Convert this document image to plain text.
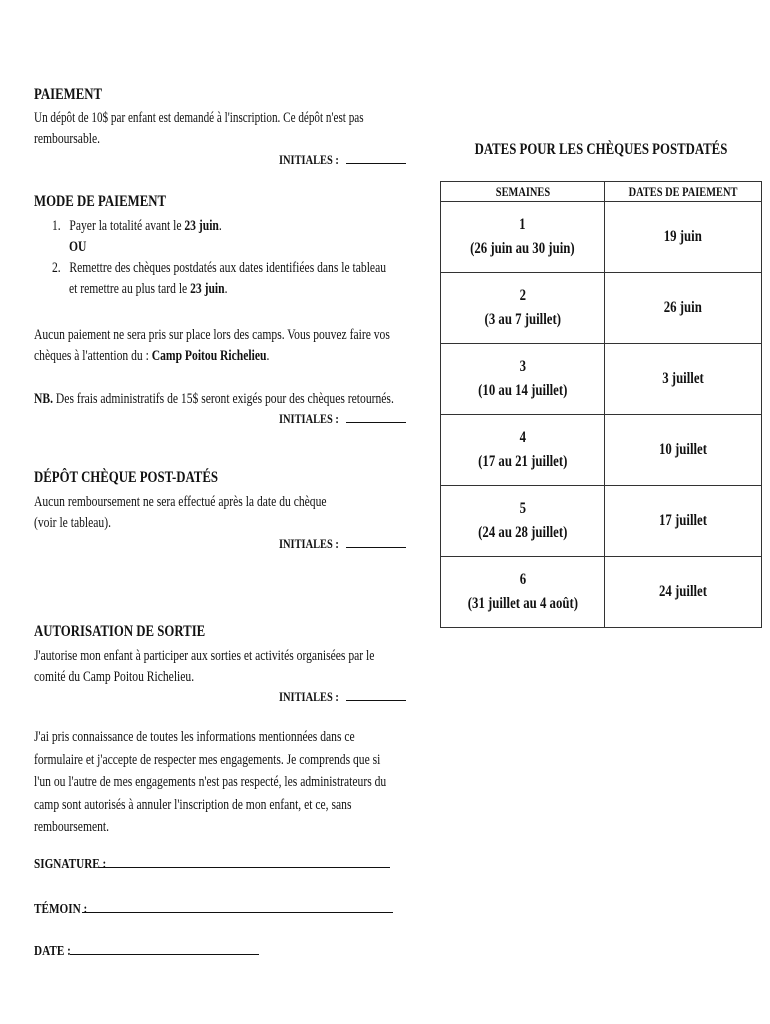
PAIEMENT
Un dépôt de 10$ par enfant est demandé à l'inscription. Ce dépôt n'est pas
remboursable.
INITIALES :
MODE DE PAIEMENT
1. Payer la totalité avant le 23 juin.
OU
2. Remettre des chèques postdatés aux dates identifiées dans le tableau
et remettre au plus tard le 23 juin.
Aucun paiement ne sera pris sur place lors des camps. Vous pouvez faire vos
chèques à l'attention du : Camp Poitou Richelieu.
NB. Des frais administratifs de 15$ seront exigés pour des chèques retournés.
INITIALES :
DÉPÔT CHÈQUE POST-DATÉS
Aucun remboursement ne sera effectué après la date du chèque
(voir le tableau).
INITIALES :
AUTORISATION DE SORTIE
J'autorise mon enfant à participer aux sorties et activités organisées par le
comité du Camp Poitou Richelieu.
INITIALES :
J'ai pris connaissance de toutes les informations mentionnées dans ce
formulaire et j'accepte de respecter mes engagements. Je comprends que si
l'un ou l'autre de mes engagements n'est pas respecté, les administrateurs du
camp sont autorisés à annuler l'inscription de mon enfant, et ce, sans
remboursement.
SIGNATURE :
TÉMOIN :
DATE :
DATES POUR LES CHÈQUES POSTDATÉS
SEMAINES	DATES DE PAIEMENT

1
(26 juin au 30 juin)	19 juin

2
(3 au 7 juillet)	26 juin

3
(10 au 14 juillet)	3 juillet

4
(17 au 21 juillet)	10 juillet

5
(24 au 28 juillet)	17 juillet

6
(31 juillet au 4 août)	24 juillet
